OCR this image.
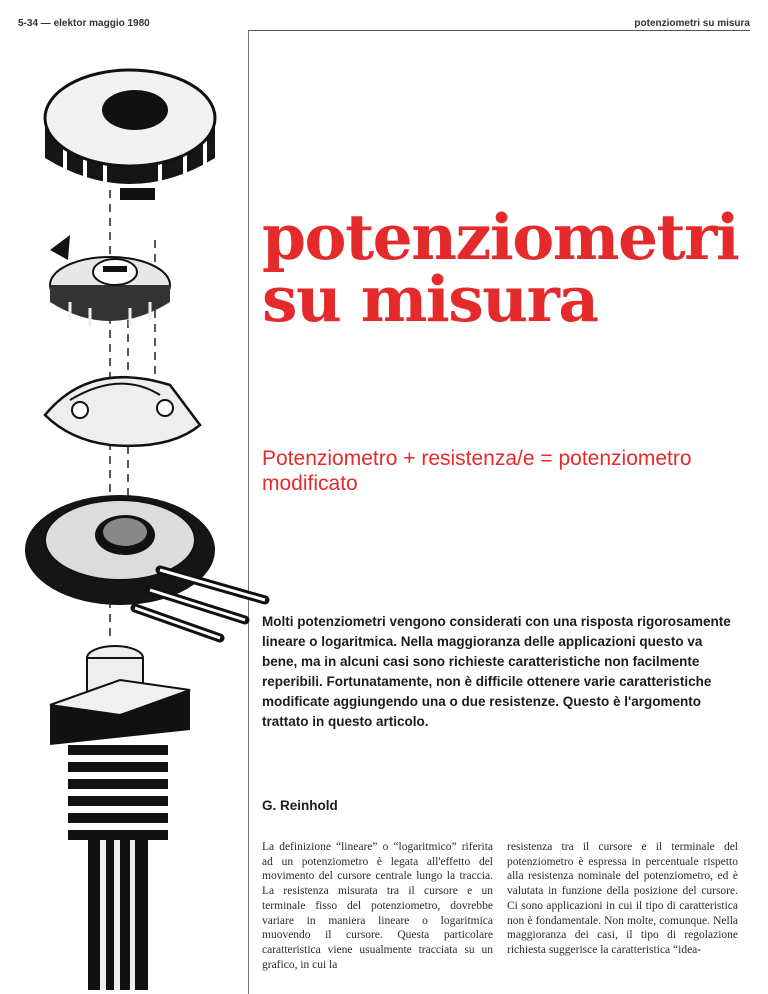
5-34 — elektor maggio 1980	potenziometri su misura
potenziometri
su misura
Potenziometro + resistenza/e = potenziometro modificato
Molti potenziometri vengono considerati con una risposta rigorosamente lineare o logaritmica. Nella maggioranza delle applicazioni questo va bene, ma in alcuni casi sono richieste caratteristiche non facilmente reperibili. Fortunatamente, non è difficile ottenere varie caratteristiche modificate aggiungendo una o due resistenze. Questo è l'argomento trattato in questo articolo.
G. Reinhold
La definizione “lineare” o “logaritmico” riferita ad un potenziometro è legata all'effetto del movimento del cursore centrale lungo la traccia. La resistenza misurata tra il cursore e un terminale fisso del potenziometro, dovrebbe variare in maniera lineare o logaritmica muovendo il cursore. Questa particolare caratteristica viene usualmente tracciata su un grafico, in cui la
resistenza tra il cursore e il terminale del potenziometro è espressa in percentuale rispetto alla resistenza nominale del potenziometro, ed è valutata in funzione della posizione del cursore. Ci sono applicazioni in cui il tipo di caratteristica non è fondamentale. Non molte, comunque. Nella maggioranza dei casi, il tipo di regolazione richiesta suggerisce la caratteristica “idea-
